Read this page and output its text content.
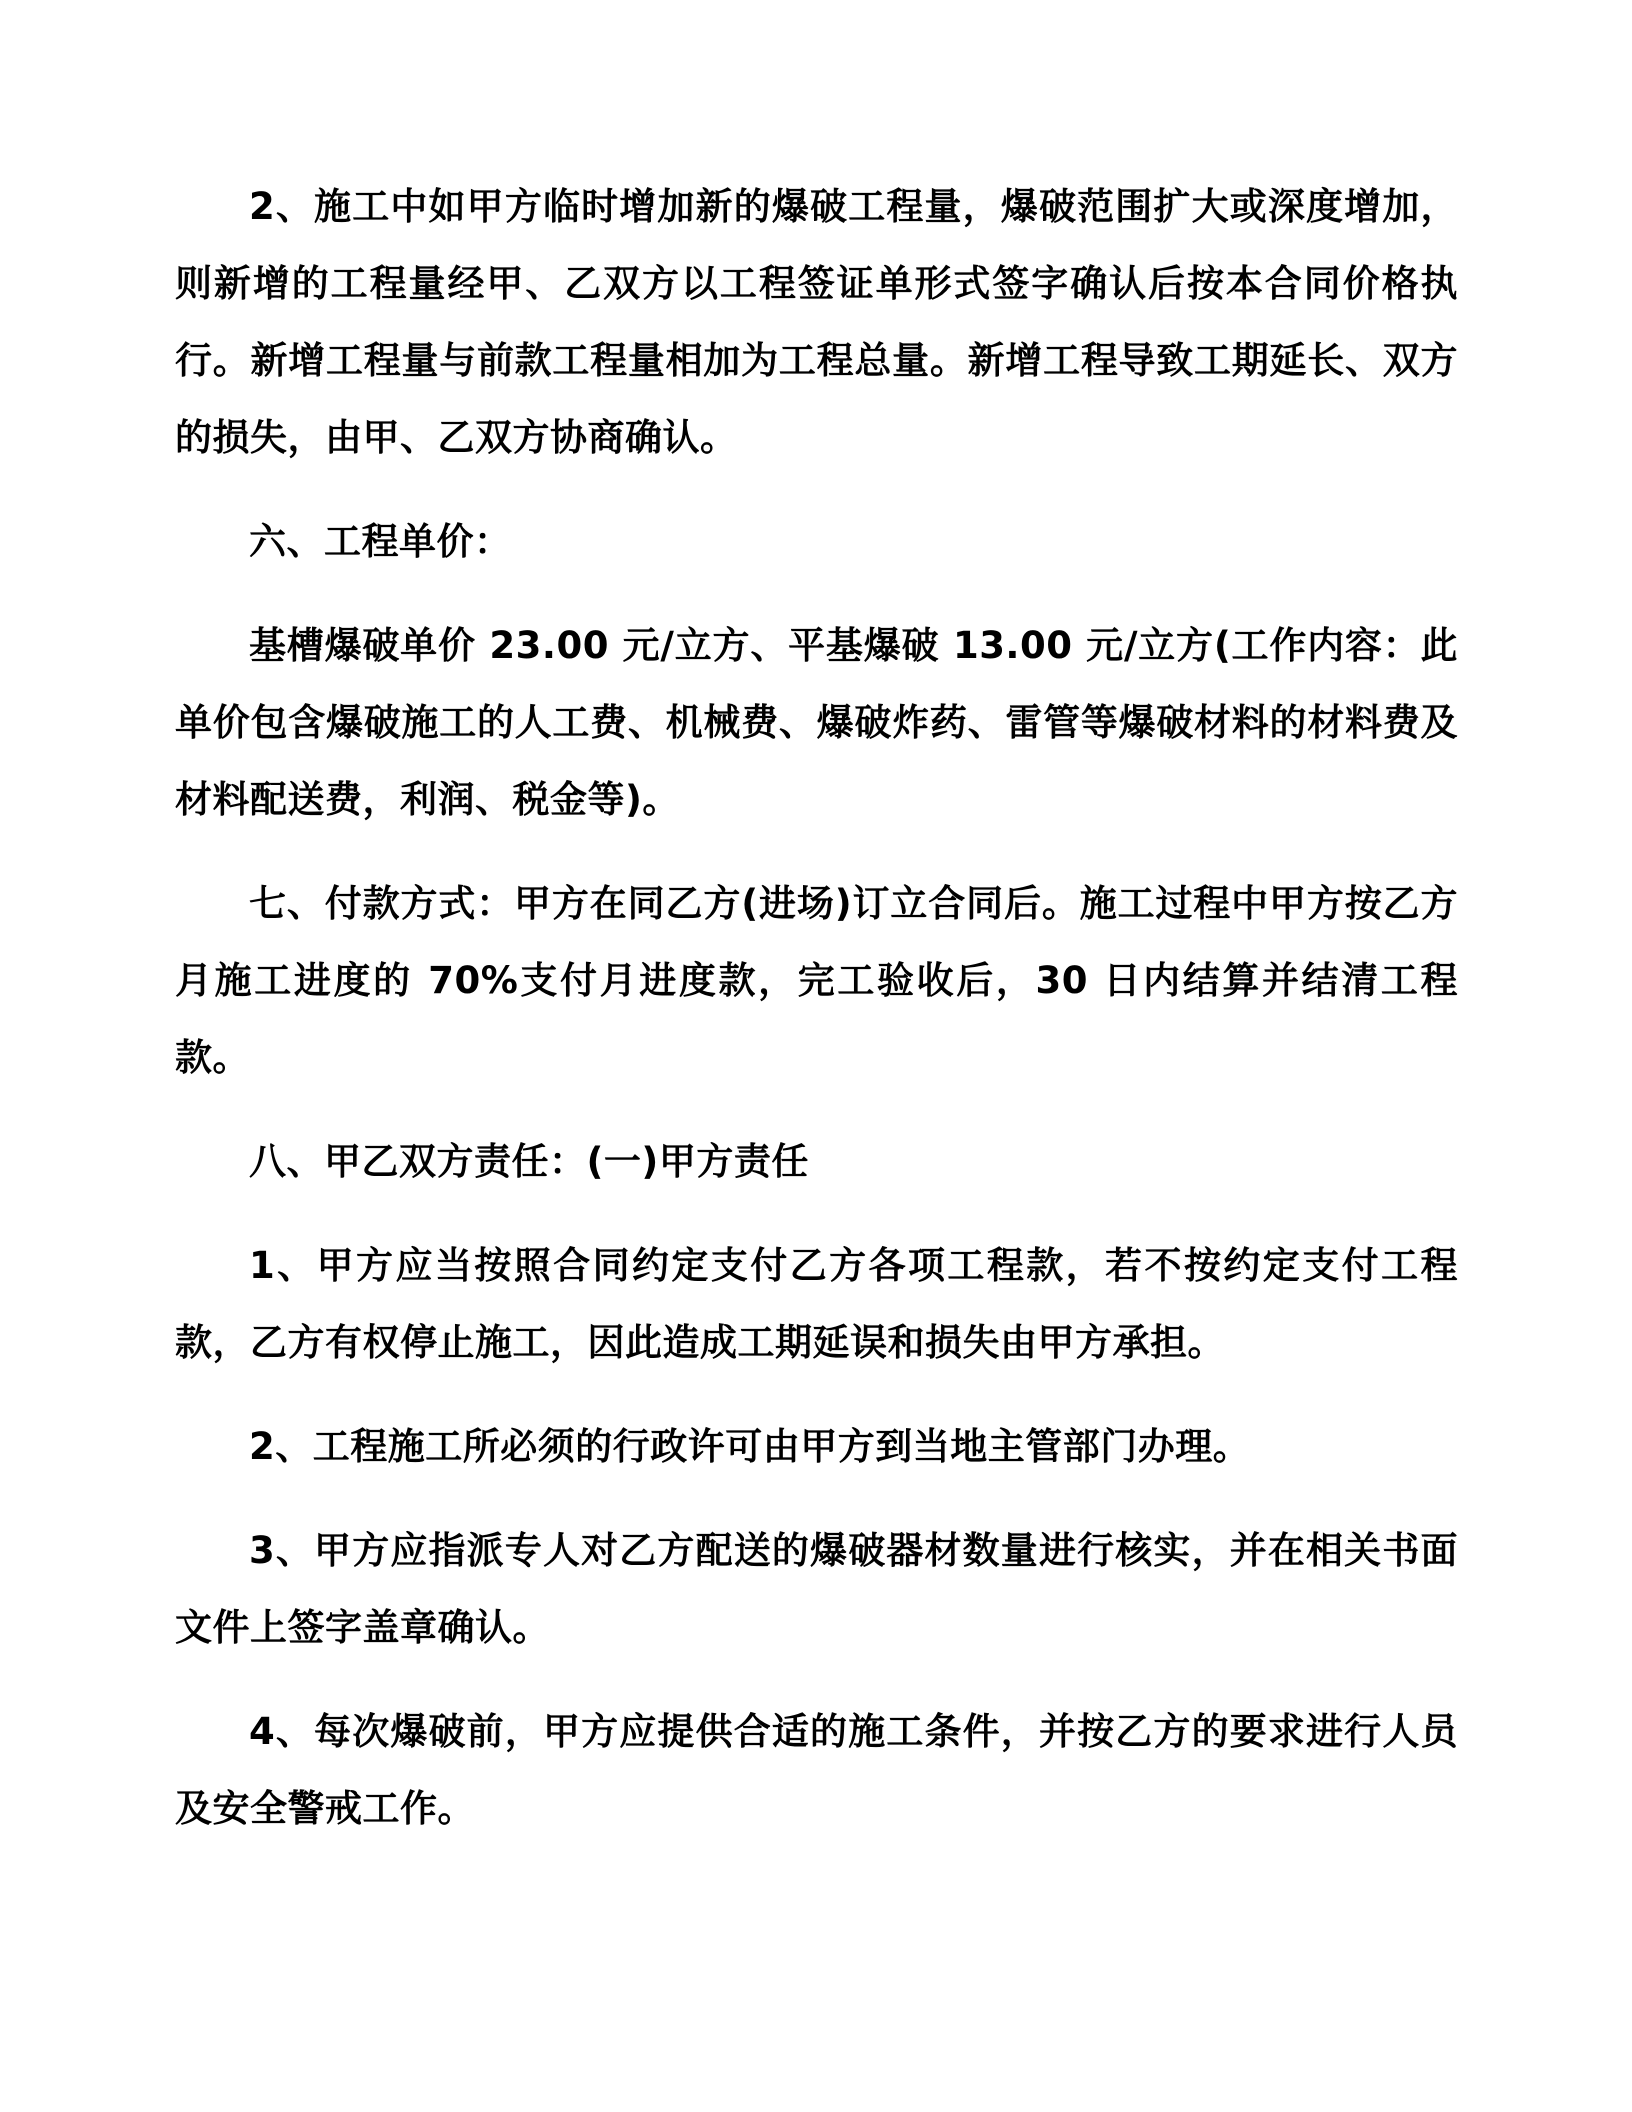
2、施工中如甲方临时增加新的爆破工程量，爆破范围扩大或深度增加，则新增的工程量经甲、乙双方以工程签证单形式签字确认后按本合同价格执行。新增工程量与前款工程量相加为工程总量。新增工程导致工期延长、双方的损失，由甲、乙双方协商确认。

六、工程单价：

基槽爆破单价 23.00 元/立方、平基爆破 13.00 元/立方(工作内容：此单价包含爆破施工的人工费、机械费、爆破炸药、雷管等爆破材料的材料费及材料配送费，利润、税金等)。

七、付款方式：甲方在同乙方(进场)订立合同后。施工过程中甲方按乙方月施工进度的 70%支付月进度款，完工验收后，30 日内结算并结清工程款。

八、甲乙双方责任：(一)甲方责任

1、甲方应当按照合同约定支付乙方各项工程款，若不按约定支付工程款，乙方有权停止施工，因此造成工期延误和损失由甲方承担。

2、工程施工所必须的行政许可由甲方到当地主管部门办理。

3、甲方应指派专人对乙方配送的爆破器材数量进行核实，并在相关书面文件上签字盖章确认。

4、每次爆破前，甲方应提供合适的施工条件，并按乙方的要求进行人员及安全警戒工作。
